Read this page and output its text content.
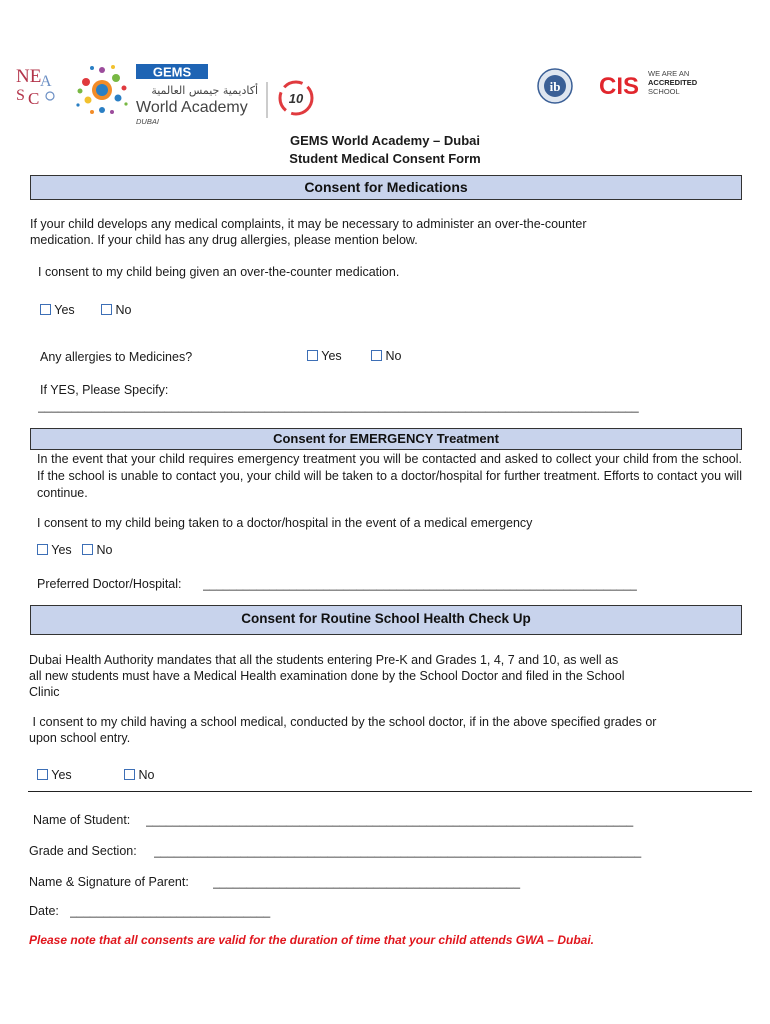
NE
A
S C
GEMS
أكاديمية جيمس العالمية
World Academy
DUBAI
10
ib CIS WE ARE AN
ACCREDITED
SCHOOL
GEMS World Academy – Dubai
Student Medical Consent Form
Consent for Medications
If your child develops any medical complaints, it may be necessary to administer an over-the-counter
medication. If your child has any drug allergies, please mention below.
I consent to my child being given an over-the-counter medication.
Yes	No
Any allergies to Medicines?	Yes	No
If YES, Please Specify:
__________________________________________________________________________________________
Consent for EMERGENCY Treatment
In the event that your child requires emergency treatment you will be contacted and asked to collect your child from the school. If the school is unable to contact you, your child will be taken to a doctor/hospital for further treatment. Efforts to contact you will continue.
I consent to my child being taken to a doctor/hospital in the event of a medical emergency
Yes	No
Preferred Doctor/Hospital: _________________________________________________________________
Consent for Routine School Health Check Up
Dubai Health Authority mandates that all the students entering Pre-K and Grades 1, 4, 7 and 10, as well as
all new students must have a Medical Health examination done by the School Doctor and filed in the School
Clinic
I consent to my child having a school medical, conducted by the school doctor, if in the above specified grades or
upon school entry.
Yes	No
Name of Student: _________________________________________________________________________
Grade and Section: _________________________________________________________________________
Name & Signature of Parent: ______________________________________________
Date: ______________________________
Please note that all consents are valid for the duration of time that your child attends GWA – Dubai.
